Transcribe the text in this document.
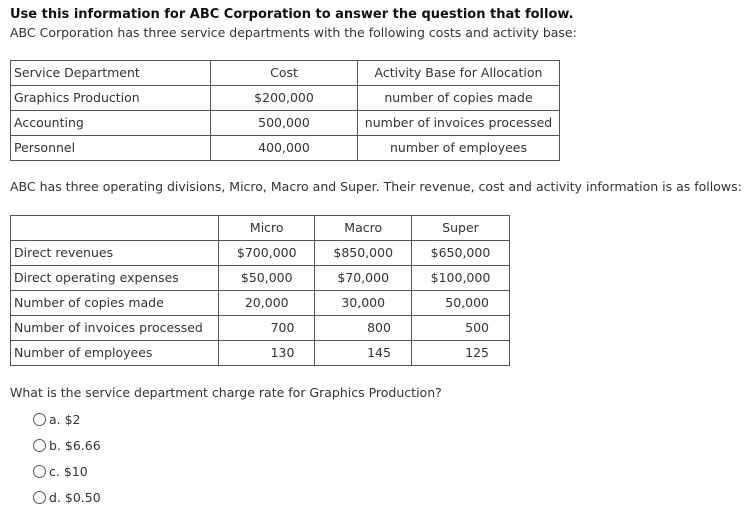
Use this information for ABC Corporation to answer the question that follow.
ABC Corporation has three service departments with the following costs and activity base:
Service Department	Cost	Activity Base for Allocation
Graphics Production	$200,000	number of copies made
Accounting	500,000	number of invoices processed
Personnel	400,000	number of employees
ABC has three operating divisions, Micro, Macro and Super. Their revenue, cost and activity information is as follows:
	Micro	Macro	Super
Direct revenues	$700,000	$850,000	$650,000
Direct operating expenses	$50,000	$70,000	$100,000
Number of copies made	20,000	30,000	50,000
Number of invoices processed	700	800	500
Number of employees	130	145	125
What is the service department charge rate for Graphics Production?
a. $2
b. $6.66
c. $10
d. $0.50
